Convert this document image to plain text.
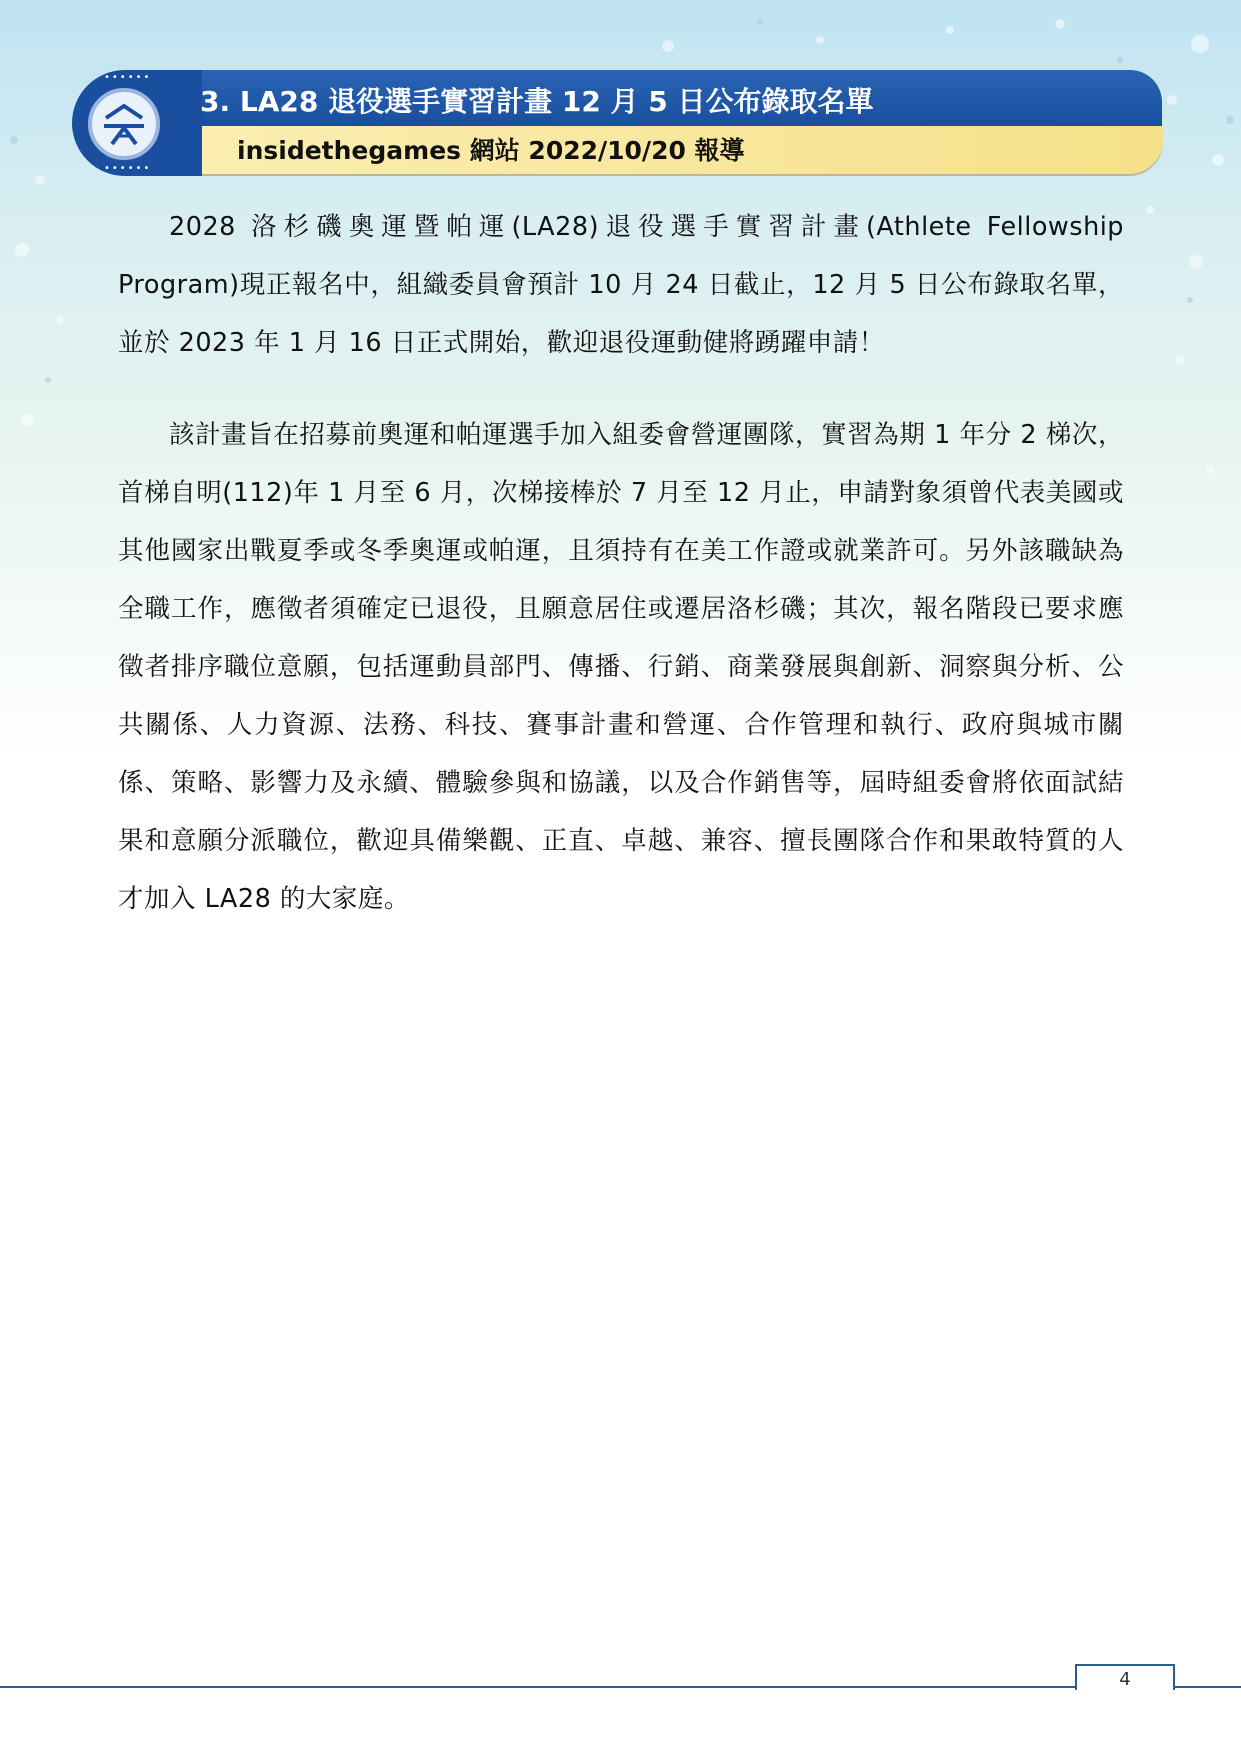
••••••
••••••
3. LA28 退役選手實習計畫 12 月 5 日公布錄取名單
insidethegames 網站 2022/10/20 報導

2028 洛杉磯奧運暨帕運(LA28)退役選手實習計畫(Athlete Fellowship Program)現正報名中，組織委員會預計 10 月 24 日截止，12 月 5 日公布錄取名單，並於 2023 年 1 月 16 日正式開始，歡迎退役運動健將踴躍申請！

該計畫旨在招募前奧運和帕運選手加入組委會營運團隊，實習為期 1 年分 2 梯次，首梯自明(112)年 1 月至 6 月，次梯接棒於 7 月至 12 月止，申請對象須曾代表美國或其他國家出戰夏季或冬季奧運或帕運，且須持有在美工作證或就業許可。另外該職缺為全職工作，應徵者須確定已退役，且願意居住或遷居洛杉磯；其次，報名階段已要求應徵者排序職位意願，包括運動員部門、傳播、行銷、商業發展與創新、洞察與分析、公共關係、人力資源、法務、科技、賽事計畫和營運、合作管理和執行、政府與城市關係、策略、影響力及永續、體驗參與和協議，以及合作銷售等，屆時組委會將依面試結果和意願分派職位，歡迎具備樂觀、正直、卓越、兼容、擅長團隊合作和果敢特質的人才加入 LA28 的大家庭。

4
